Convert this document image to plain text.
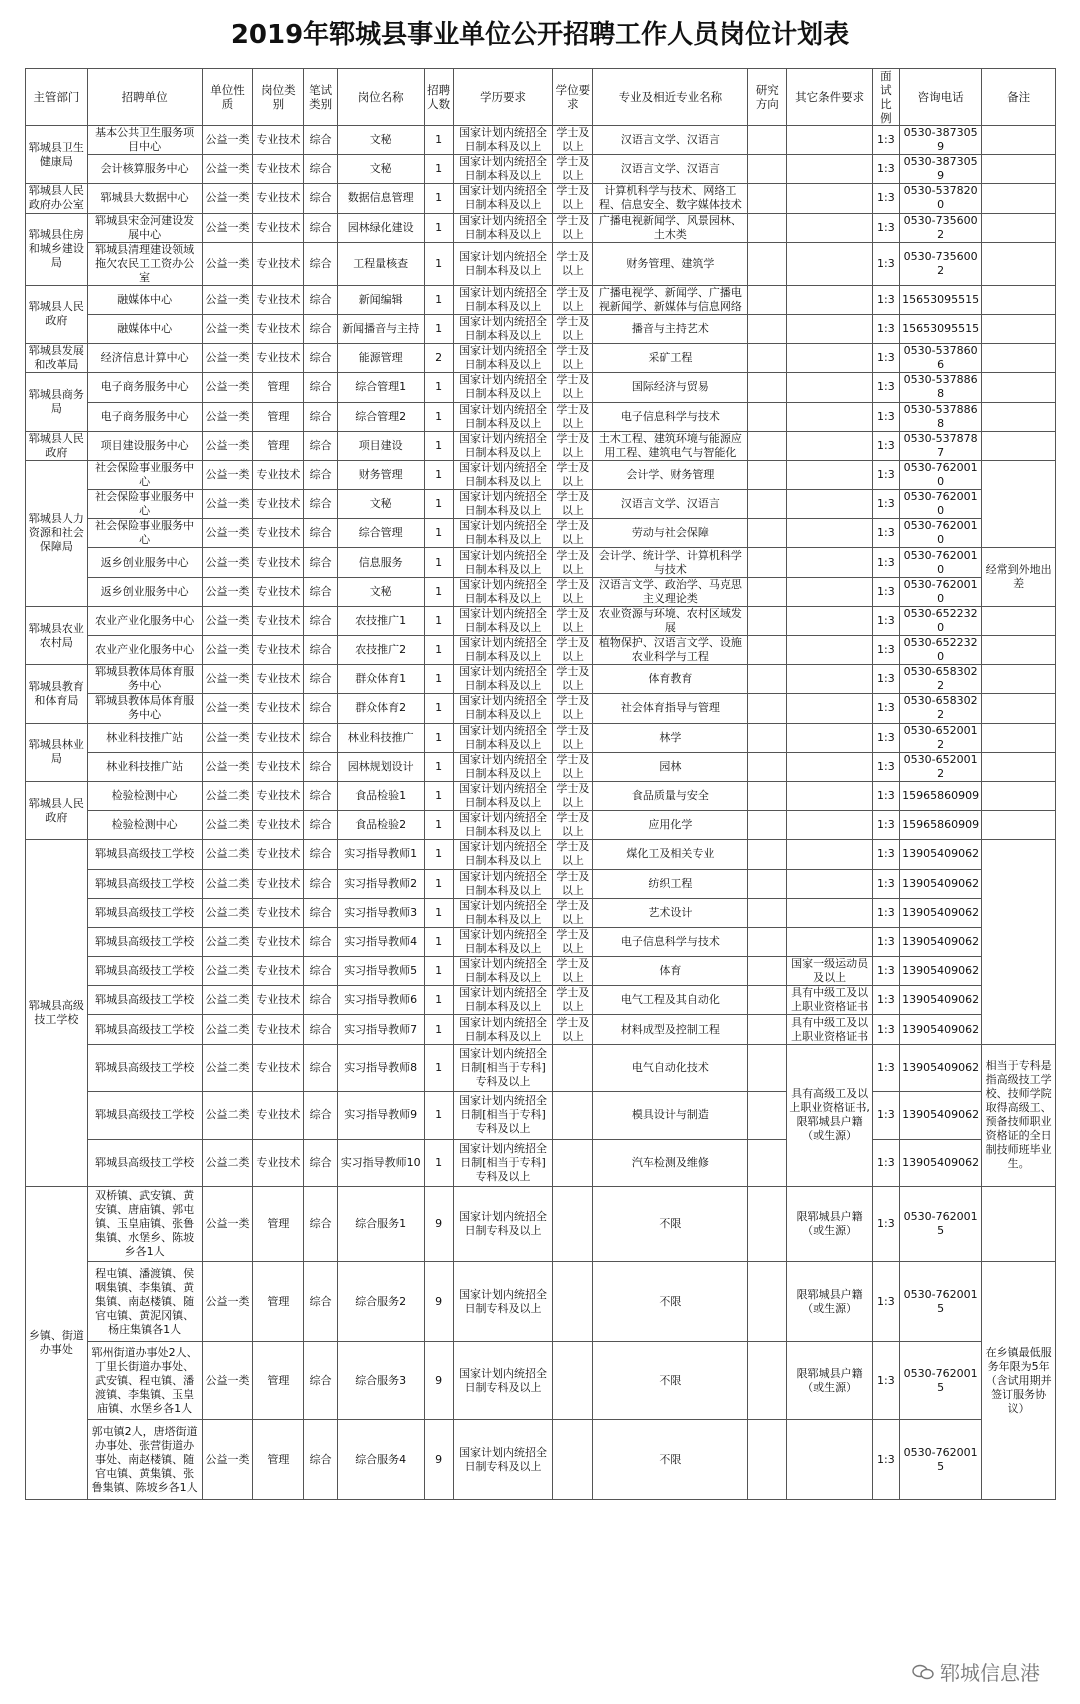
2019年郓城县事业单位公开招聘工作人员岗位计划表
主管部门	招聘单位	单位性质	岗位类别	笔试类别	岗位名称	招聘人数	学历要求	学位要求	专业及相近专业名称	研究方向	其它条件要求	面试比例	咨询电话	备注
郓城县卫生健康局	基本公共卫生服务项目中心	公益一类	专业技术	综合	文秘	1	国家计划内统招全日制本科及以上	学士及以上	汉语言文学、汉语言			1:3	0530-3873059	
	会计核算服务中心	公益一类	专业技术	综合	文秘	1	国家计划内统招全日制本科及以上	学士及以上	汉语言文学、汉语言			1:3	0530-3873059	
郓城县人民政府办公室	郓城县大数据中心	公益一类	专业技术	综合	数据信息管理	1	国家计划内统招全日制本科及以上	学士及以上	计算机科学与技术、网络工程、信息安全、数字媒体技术			1:3	0530-5378200	
郓城县住房和城乡建设局	郓城县宋金河建设发展中心	公益一类	专业技术	综合	园林绿化建设	1	国家计划内统招全日制本科及以上	学士及以上	广播电视新闻学、风景园林、土木类			1:3	0530-7356002	
	郓城县清理建设领域拖欠农民工工资办公室	公益一类	专业技术	综合	工程量核查	1	国家计划内统招全日制本科及以上	学士及以上	财务管理、建筑学			1:3	0530-7356002	
郓城县人民政府	融媒体中心	公益一类	专业技术	综合	新闻编辑	1	国家计划内统招全日制本科及以上	学士及以上	广播电视学、新闻学、广播电视新闻学、新媒体与信息网络			1:3	15653095515	
	融媒体中心	公益一类	专业技术	综合	新闻播音与主持	1	国家计划内统招全日制本科及以上	学士及以上	播音与主持艺术			1:3	15653095515	
郓城县发展和改革局	经济信息计算中心	公益一类	专业技术	综合	能源管理	2	国家计划内统招全日制本科及以上	学士及以上	采矿工程			1:3	0530-5378606	
郓城县商务局	电子商务服务中心	公益一类	管理	综合	综合管理1	1	国家计划内统招全日制本科及以上	学士及以上	国际经济与贸易			1:3	0530-5378868	
	电子商务服务中心	公益一类	管理	综合	综合管理2	1	国家计划内统招全日制本科及以上	学士及以上	电子信息科学与技术			1:3	0530-5378868	
郓城县人民政府	项目建设服务中心	公益一类	管理	综合	项目建设	1	国家计划内统招全日制本科及以上	学士及以上	土木工程、建筑环境与能源应用工程、建筑电气与智能化			1:3	0530-5378787	
郓城县人力资源和社会保障局	社会保险事业服务中心	公益一类	专业技术	综合	财务管理	1	国家计划内统招全日制本科及以上	学士及以上	会计学、财务管理			1:3	0530-7620010	
	社会保险事业服务中心	公益一类	专业技术	综合	文秘	1	国家计划内统招全日制本科及以上	学士及以上	汉语言文学、汉语言			1:3	0530-7620010	
	社会保险事业服务中心	公益一类	专业技术	综合	综合管理	1	国家计划内统招全日制本科及以上	学士及以上	劳动与社会保障			1:3	0530-7620010	
	返乡创业服务中心	公益一类	专业技术	综合	信息服务	1	国家计划内统招全日制本科及以上	学士及以上	会计学、统计学、计算机科学与技术			1:3	0530-7620010	经常到外地出差
	返乡创业服务中心	公益一类	专业技术	综合	文秘	1	国家计划内统招全日制本科及以上	学士及以上	汉语言文学、政治学、马克思主义理论类			1:3	0530-7620010	
郓城县农业农村局	农业产业化服务中心	公益一类	专业技术	综合	农技推广1	1	国家计划内统招全日制本科及以上	学士及以上	农业资源与环境、农村区域发展			1:3	0530-6522320	
	农业产业化服务中心	公益一类	专业技术	综合	农技推广2	1	国家计划内统招全日制本科及以上	学士及以上	植物保护、汉语言文学、设施农业科学与工程			1:3	0530-6522320	
郓城县教育和体育局	郓城县教体局体育服务中心	公益一类	专业技术	综合	群众体育1	1	国家计划内统招全日制本科及以上	学士及以上	体育教育			1:3	0530-6583022	
	郓城县教体局体育服务中心	公益一类	专业技术	综合	群众体育2	1	国家计划内统招全日制本科及以上	学士及以上	社会体育指导与管理			1:3	0530-6583022	
郓城县林业局	林业科技推广站	公益一类	专业技术	综合	林业科技推广	1	国家计划内统招全日制本科及以上	学士及以上	林学			1:3	0530-6520012	
	林业科技推广站	公益一类	专业技术	综合	园林规划设计	1	国家计划内统招全日制本科及以上	学士及以上	园林			1:3	0530-6520012	
郓城县人民政府	检验检测中心	公益二类	专业技术	综合	食品检验1	1	国家计划内统招全日制本科及以上	学士及以上	食品质量与安全			1:3	15965860909	
	检验检测中心	公益二类	专业技术	综合	食品检验2	1	国家计划内统招全日制本科及以上	学士及以上	应用化学			1:3	15965860909	
郓城县高级技工学校	郓城县高级技工学校	公益二类	专业技术	综合	实习指导教师1	1	国家计划内统招全日制本科及以上	学士及以上	煤化工及相关专业			1:3	13905409062	
	郓城县高级技工学校	公益二类	专业技术	综合	实习指导教师2	1	国家计划内统招全日制本科及以上	学士及以上	纺织工程			1:3	13905409062	
	郓城县高级技工学校	公益二类	专业技术	综合	实习指导教师3	1	国家计划内统招全日制本科及以上	学士及以上	艺术设计			1:3	13905409062	
	郓城县高级技工学校	公益二类	专业技术	综合	实习指导教师4	1	国家计划内统招全日制本科及以上	学士及以上	电子信息科学与技术			1:3	13905409062	
	郓城县高级技工学校	公益二类	专业技术	综合	实习指导教师5	1	国家计划内统招全日制本科及以上	学士及以上	体育		国家一级运动员及以上	1:3	13905409062	
	郓城县高级技工学校	公益二类	专业技术	综合	实习指导教师6	1	国家计划内统招全日制本科及以上	学士及以上	电气工程及其自动化		具有中级工及以上职业资格证书	1:3	13905409062	
	郓城县高级技工学校	公益二类	专业技术	综合	实习指导教师7	1	国家计划内统招全日制本科及以上	学士及以上	材料成型及控制工程		具有中级工及以上职业资格证书	1:3	13905409062	
	郓城县高级技工学校	公益二类	专业技术	综合	实习指导教师8	1	国家计划内统招全日制[相当于专科]专科及以上		电气自动化技术		具有高级工及以上职业资格证书,限郓城县户籍（或生源）	1:3	13905409062	相当于专科是指高级技工学校、技师学院取得高级工、预备技师职业资格证的全日制技师班毕业生。
	郓城县高级技工学校	公益二类	专业技术	综合	实习指导教师9	1	国家计划内统招全日制[相当于专科]专科及以上		模具设计与制造			1:3	13905409062	
	郓城县高级技工学校	公益二类	专业技术	综合	实习指导教师10	1	国家计划内统招全日制[相当于专科]专科及以上		汽车检测及维修			1:3	13905409062	
乡镇、街道办事处	双桥镇、武安镇、黄安镇、唐庙镇、郭屯镇、玉皇庙镇、张鲁集镇、水堡乡、陈坡乡各1人	公益一类	管理	综合	综合服务1	9	国家计划内统招全日制专科及以上		不限		限郓城县户籍（或生源）	1:3	0530-7620015	
	程屯镇、潘渡镇、侯咽集镇、李集镇、黄集镇、南赵楼镇、随官屯镇、黄泥冈镇、杨庄集镇各1人	公益一类	管理	综合	综合服务2	9	国家计划内统招全日制专科及以上		不限		限郓城县户籍（或生源）	1:3	0530-7620015	在乡镇最低服务年限为5年（含试用期并签订服务协议）
	郓州街道办事处2人、丁里长街道办事处、武安镇、程屯镇、潘渡镇、李集镇、玉皇庙镇、水堡乡各1人	公益一类	管理	综合	综合服务3	9	国家计划内统招全日制专科及以上		不限		限郓城县户籍（或生源）	1:3	0530-7620015	
	郭屯镇2人，唐塔街道办事处、张营街道办事处、南赵楼镇、随官屯镇、黄集镇、张鲁集镇、陈坡乡各1人	公益一类	管理	综合	综合服务4	9	国家计划内统招全日制专科及以上		不限			1:3	0530-7620015	
郓城信息港
